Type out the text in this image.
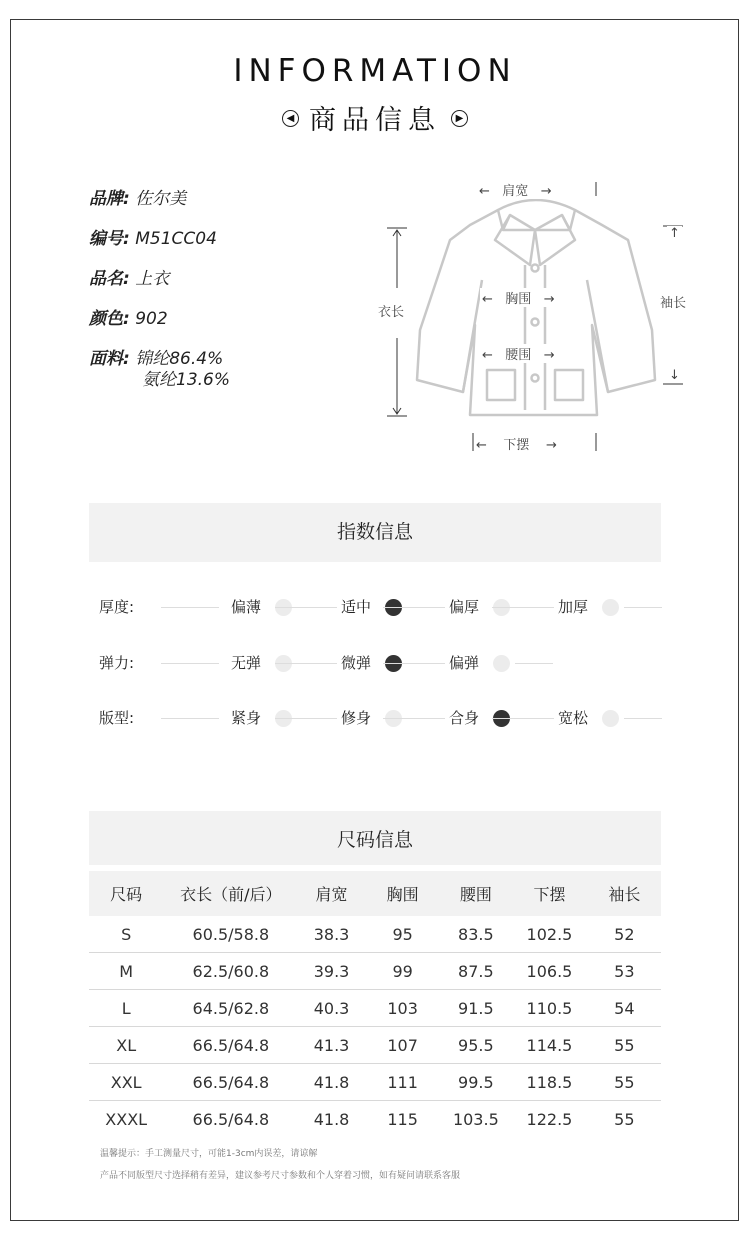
INFORMATION
◀ 商品信息 ▶
品牌: 佐尔美
编号: M51CC04
品名: 上衣
颜色: 902
面料: 锦纶86.4%
氨纶13.6%
←   肩宽   →
衣长
袖长
↑
↓
←   胸围   →
←   腰围   →
←    下摆    →
指数信息
厚度:	偏薄	适中	偏厚	加厚
弹力:	无弹	微弹	偏弹
版型:	紧身	修身	合身	宽松
尺码信息
尺码	衣长（前/后）	肩宽	胸围	腰围	下摆	袖长
S	60.5/58.8	38.3	95	83.5	102.5	52
M	62.5/60.8	39.3	99	87.5	106.5	53
L	64.5/62.8	40.3	103	91.5	110.5	54
XL	66.5/64.8	41.3	107	95.5	114.5	55
XXL	66.5/64.8	41.8	111	99.5	118.5	55
XXXL	66.5/64.8	41.8	115	103.5	122.5	55
温馨提示：手工测量尺寸，可能1-3cm内误差，请谅解
产品不同版型尺寸选择稍有差异，建议参考尺寸参数和个人穿着习惯，如有疑问请联系客服
